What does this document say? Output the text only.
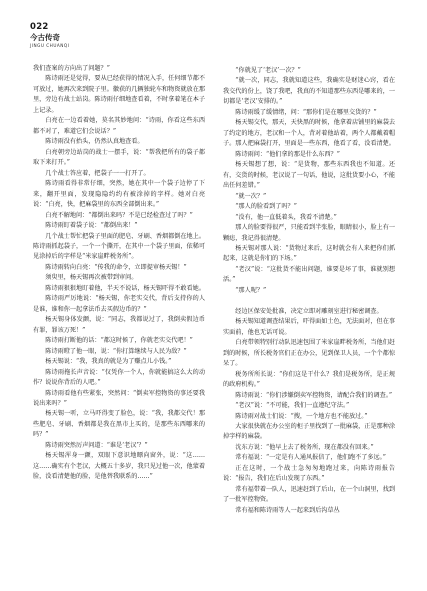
022
今古传奇
JINGU CHUANQI

我们查案的方向出了问题？”

陈诗雨还是觉得，要从已经获得的情况入手，任何细节都不可放过，她再次来到院子里。徽获的几辆独轮车和物资就放在那里，旁边有战士站岗。陈诗雨仔细地查看着，不时拿着笔在本子上记录。

白亮在一边看着她，莫名其妙地问：“诗雨，你看这些东西都不对了，难道它们会说话？”

陈诗雨没有抬头，仍然认真地查看。

白亮朝旁边站岗的战士一摆手，说：“帮我把所有的袋子都取下来打开。”

几个战士答应着，把袋子一一打开了。

陈诗雨看得非常仔细，突然，她在其中一个袋子边停了下来，翻开里面，发现隐隐约约有被涂掉的字样。她对白亮说：“白亮，快，把麻袋里的东西全部倒出来。”

白亮不解地问：“都倒出来吗？不是已经检查过了吗？”

陈诗雨盯着袋子说：“都倒出来！”

几个战士帮忙把袋子里面的肥皂、牙刷、香烟都倒在地上。陈诗雨抓起袋子，一个一个撕开，在其中一个袋子里面，依稀可见涂掉后的字样是“米家崖畔税务所”。

陈诗雨转向白亮：“传我的命令，立即提审杨天锡！”

须臾里，杨天锡再次被带到审问。

陈诗雨狠狠地盯着他，半天不说话，杨天锡吓得不敢看她。

陈诗雨严厉地说：“杨天锡，你老实交代，背后支持你的人是谁，谁和你一起拿法币去买假边币的？”

杨天锡身体发颤，说：“同志，我都说过了，我倒卖假边币有罪，罪该万死！”

陈诗雨打断他的话：“都这时候了，你就老实交代吧！”

陈诗雨瞪了他一眼，说：“你打算继续与人民为敌？”

杨天锡说：“我，我真的就是为了赚点儿小钱。”

陈诗雨拖长声音说：“仅凭你一个人，你就能搞这么大的动作？说说你背后的人吧。”

陈诗雨看他有些紧张，突然问：“倒卖军控物资的事还要我说出来吗？”

杨天锡一听，立马吓得变了脸色，说：“我，我都交代！那些肥皂、牙刷、香烟都是我在黑市上买的，是那些东西哪来的吗？”

陈诗雨突然厉声问道：“谁是‘老汉’？”

杨天锡浑身一颤，双眼下意识地瞟向窗外，说：“这……这……确实有个老汉，大概五十多岁，我只见过他一次，他蒙着脸，没看清楚他的脸，是他替我联系的……”

“你就见了‘老汉’一次？”

“就一次，同志，我就知道这些，我确实是财迷心窍，看在我交代的份上，饶了我吧，我真的不知道那些东西是哪来的，一切都是‘老汉’安排的。”

陈诗雨缓了缓情绪，问：“那你们是在哪里交货的？”

杨天锡交代，那天，天快黑的时候，他拿着店铺里的麻袋去了约定的地方，老汉和一个人，背对着他站着，两个人都戴着帽子。那人把麻袋打开，里面是一些东西，他看了看，没看清楚。

陈诗雨问：“他们拿的那是什么东西？”

杨天锡想了想，说：“是货物，那些东西我也不知道。还有，交货的时候，老汉说了一句话，他说，这批货要小心，不能出任何差错。”

“就一次？”

“那人的脸看到了吗？”

“没有，他一直低着头，我看不清楚。”

那人的脸要得很严，只能看到半张脸，眼睛很小，脸上有一颗痣，我记得很清楚。

杨天锡对那人说：“货物过来后，这时就会有人来把你们抓起来，这就是你们的下场。”

“老汉”说：“这批货不能出问题，谁要是坏了事，谁就别想活。”

“那人呢？”

经边区保安处批准，决定立即对雕刻室进行秘密调查。

杨天锡知道调查结果后，吓得面如土色，无法面对，但在事实面前，他也无话可说。

白亮带领特别行动队迅速包围了米家崖畔税务所，当他们赶到的时候，所长税务官们正在办公，见到保卫人员，一个个都惊呆了。

税务所所长说：“你们这是干什么？我们是税务所，是正规的政府机构。”

陈诗雨说：“你们涉嫌倒卖军控物资，请配合我们的调查。”

“老汉”说：“不可能，我们一直遵纪守法。”

陈诗雨对战士们说：“搜，一个地方也不能放过。”

大家很快就在办公室的柜子里找到了一批麻袋，正是那种涂掉字样的麻袋。

沈东方说：“他早上去了税务所，现在都没有回来。”

常有福说：“一定是有人通风报信了，他们跑不了多远。”

正在这时，一个战士急匆匆地跑过来，向陈诗雨报告说：“报告，我们在后山发现了东西。”

常有福带着一队人，迅速赶到了后山，在一个山洞里，找到了一批军控物资。

常有福和陈诗雨等人一起来到后沟草丛
